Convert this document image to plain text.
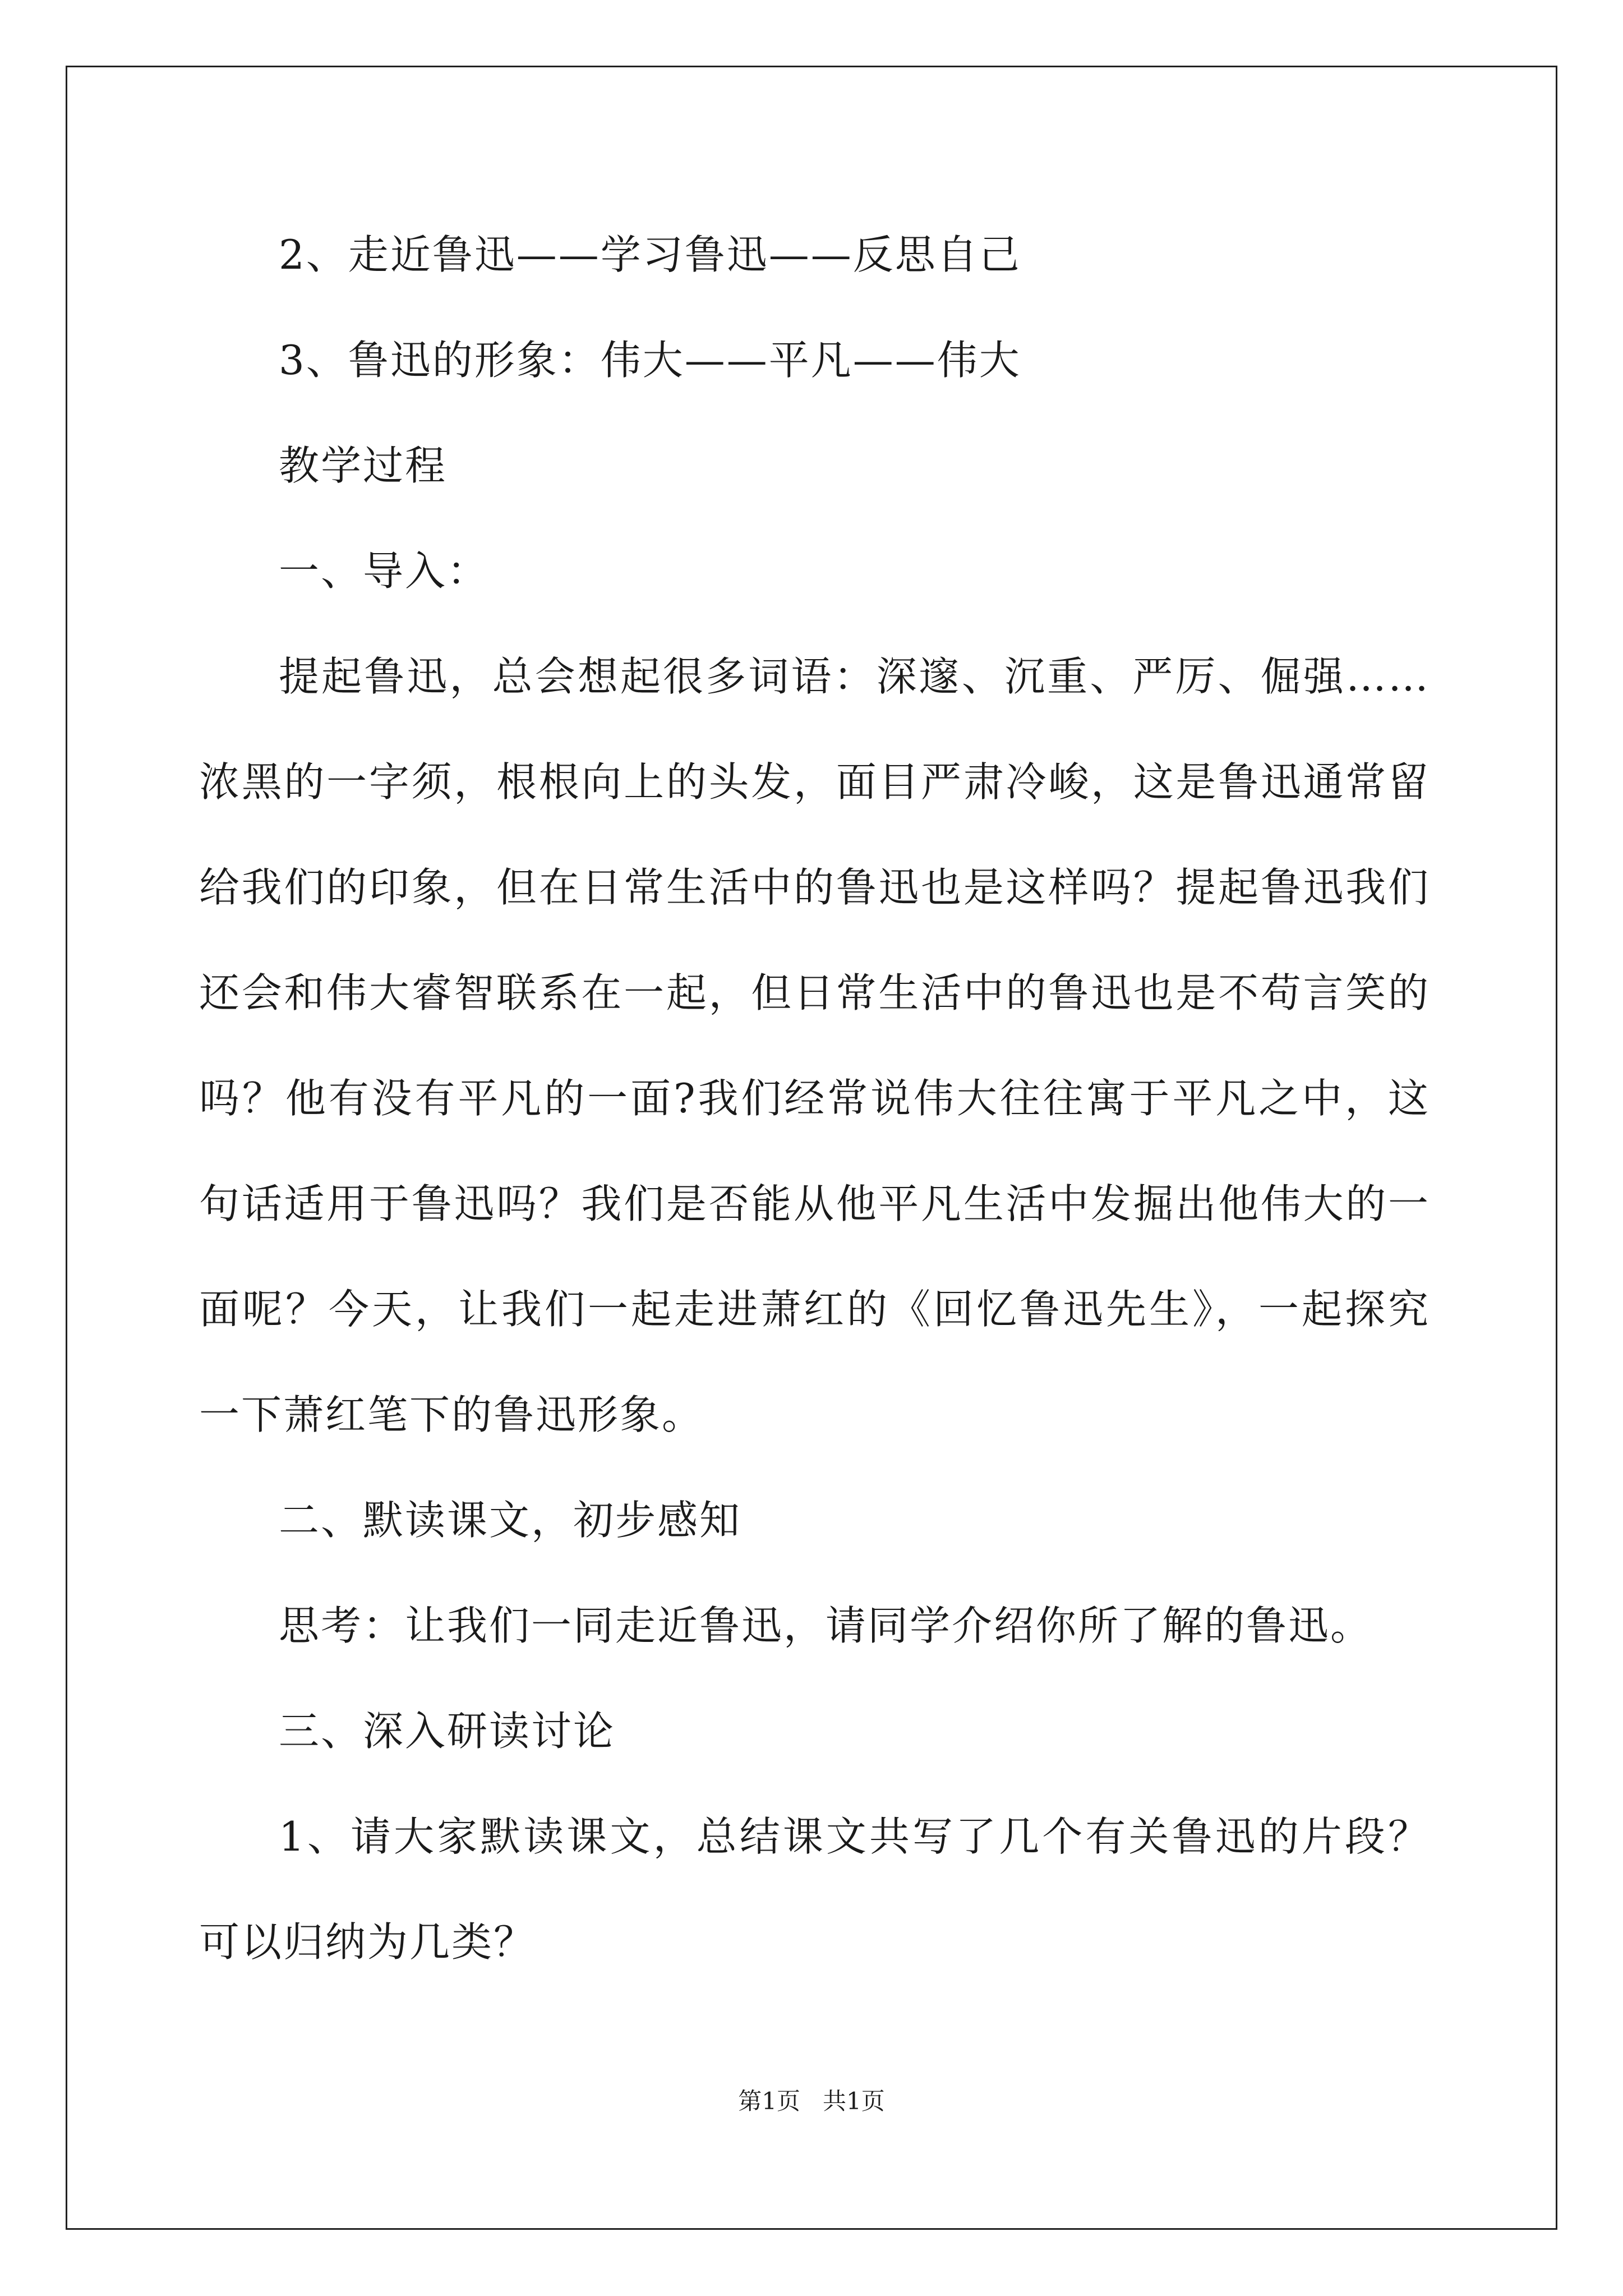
2、走近鲁迅——学习鲁迅——反思自己

3、鲁迅的形象：伟大——平凡——伟大

教学过程

一、导入：

提起鲁迅，总会想起很多词语：深邃、沉重、严厉、倔强……浓黑的一字须，根根向上的头发，面目严肃冷峻，这是鲁迅通常留给我们的印象，但在日常生活中的鲁迅也是这样吗？提起鲁迅我们还会和伟大睿智联系在一起，但日常生活中的鲁迅也是不苟言笑的吗？他有没有平凡的一面?我们经常说伟大往往寓于平凡之中，这句话适用于鲁迅吗？我们是否能从他平凡生活中发掘出他伟大的一面呢？今天，让我们一起走进萧红的《回忆鲁迅先生》，一起探究一下萧红笔下的鲁迅形象。

二、默读课文，初步感知

思考：让我们一同走近鲁迅，请同学介绍你所了解的鲁迅。

三、深入研读讨论

1、请大家默读课文，总结课文共写了几个有关鲁迅的片段？可以归纳为几类？

第1页   共1页
